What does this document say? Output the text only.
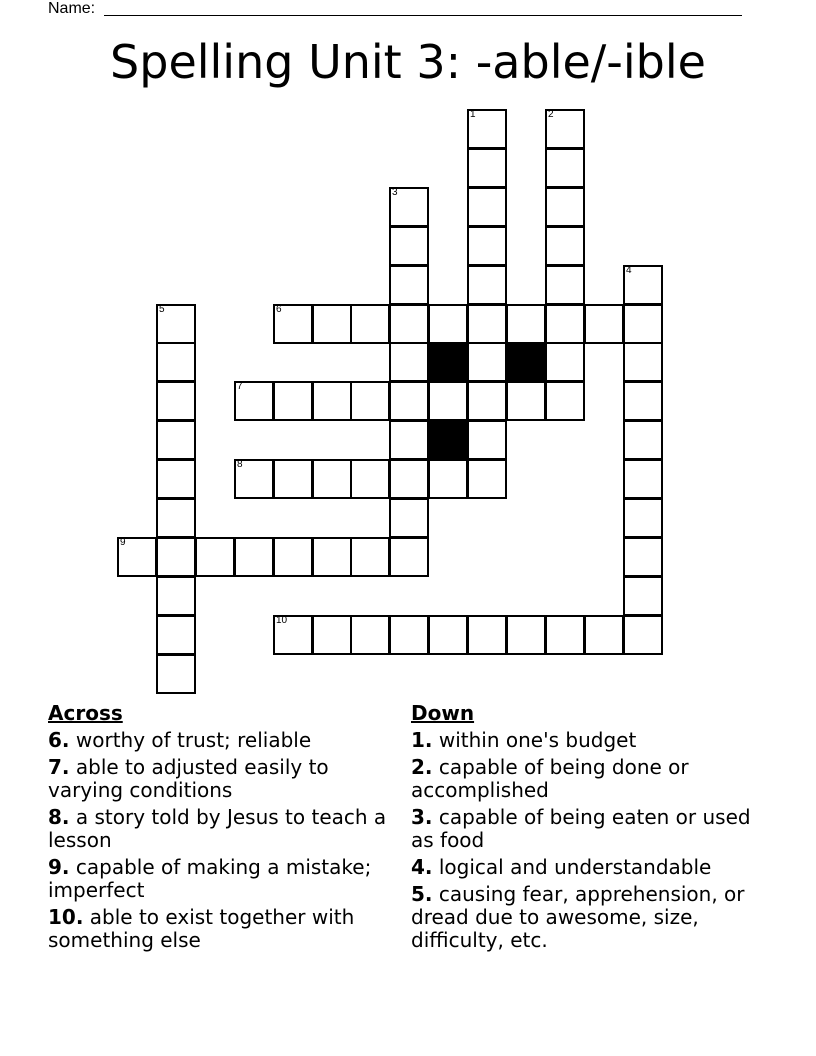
Name:
Spelling Unit 3: -able/-ible
1	2
3
4
5	6
7
8
9
10
Across
6. worthy of trust; reliable
7. able to adjusted easily to varying conditions
8. a story told by Jesus to teach a lesson
9. capable of making a mistake; imperfect
10. able to exist together with something else
Down
1. within one's budget
2. capable of being done or accomplished
3. capable of being eaten or used as food
4. logical and understandable
5. causing fear, apprehension, or dread due to awesome, size, difficulty, etc.
